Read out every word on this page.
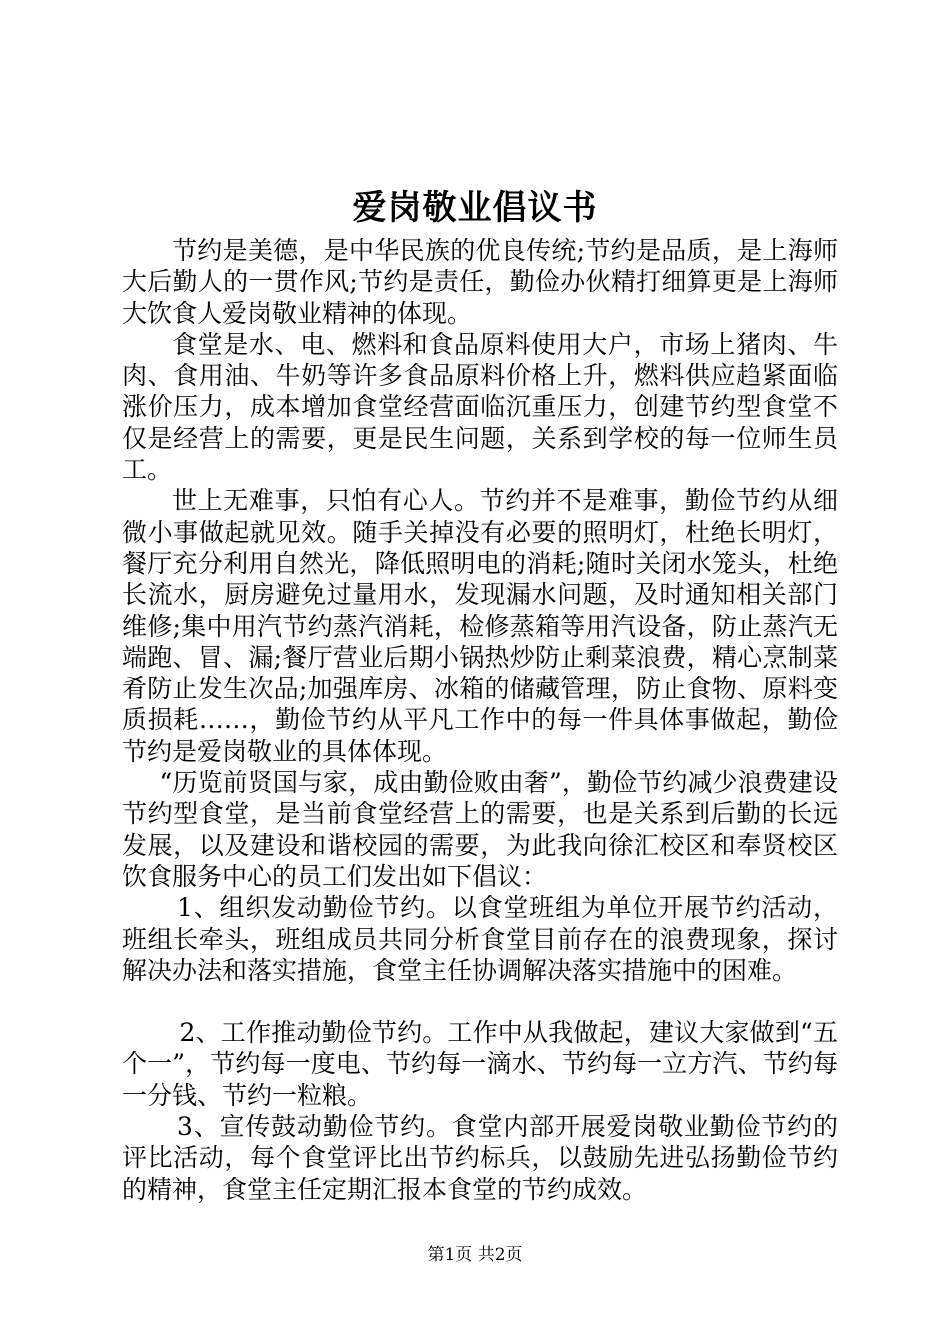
爱岗敬业倡议书

节约是美德，是中华民族的优良传统;节约是品质，是上海师大后勤人的一贯作风;节约是责任，勤俭办伙精打细算更是上海师大饮食人爱岗敬业精神的体现。

食堂是水、电、燃料和食品原料使用大户，市场上猪肉、牛肉、食用油、牛奶等许多食品原料价格上升，燃料供应趋紧面临涨价压力，成本增加食堂经营面临沉重压力，创建节约型食堂不仅是经营上的需要，更是民生问题，关系到学校的每一位师生员工。

世上无难事，只怕有心人。节约并不是难事，勤俭节约从细微小事做起就见效。随手关掉没有必要的照明灯，杜绝长明灯，餐厅充分利用自然光，降低照明电的消耗;随时关闭水笼头，杜绝长流水，厨房避免过量用水，发现漏水问题，及时通知相关部门维修;集中用汽节约蒸汽消耗，检修蒸箱等用汽设备，防止蒸汽无端跑、冒、漏;餐厅营业后期小锅热炒防止剩菜浪费，精心烹制菜肴防止发生次品;加强库房、冰箱的储藏管理，防止食物、原料变质损耗……，勤俭节约从平凡工作中的每一件具体事做起，勤俭节约是爱岗敬业的具体体现。

“历览前贤国与家，成由勤俭败由奢”，勤俭节约减少浪费建设节约型食堂，是当前食堂经营上的需要，也是关系到后勤的长远发展，以及建设和谐校园的需要，为此我向徐汇校区和奉贤校区饮食服务中心的员工们发出如下倡议：

1、组织发动勤俭节约。以食堂班组为单位开展节约活动，班组长牵头，班组成员共同分析食堂目前存在的浪费现象，探讨解决办法和落实措施，食堂主任协调解决落实措施中的困难。

2、工作推动勤俭节约。工作中从我做起，建议大家做到“五个一”，节约每一度电、节约每一滴水、节约每一立方汽、节约每一分钱、节约一粒粮。

3、宣传鼓动勤俭节约。食堂内部开展爱岗敬业勤俭节约的评比活动，每个食堂评比出节约标兵，以鼓励先进弘扬勤俭节约的精神，食堂主任定期汇报本食堂的节约成效。

第1页 共2页
